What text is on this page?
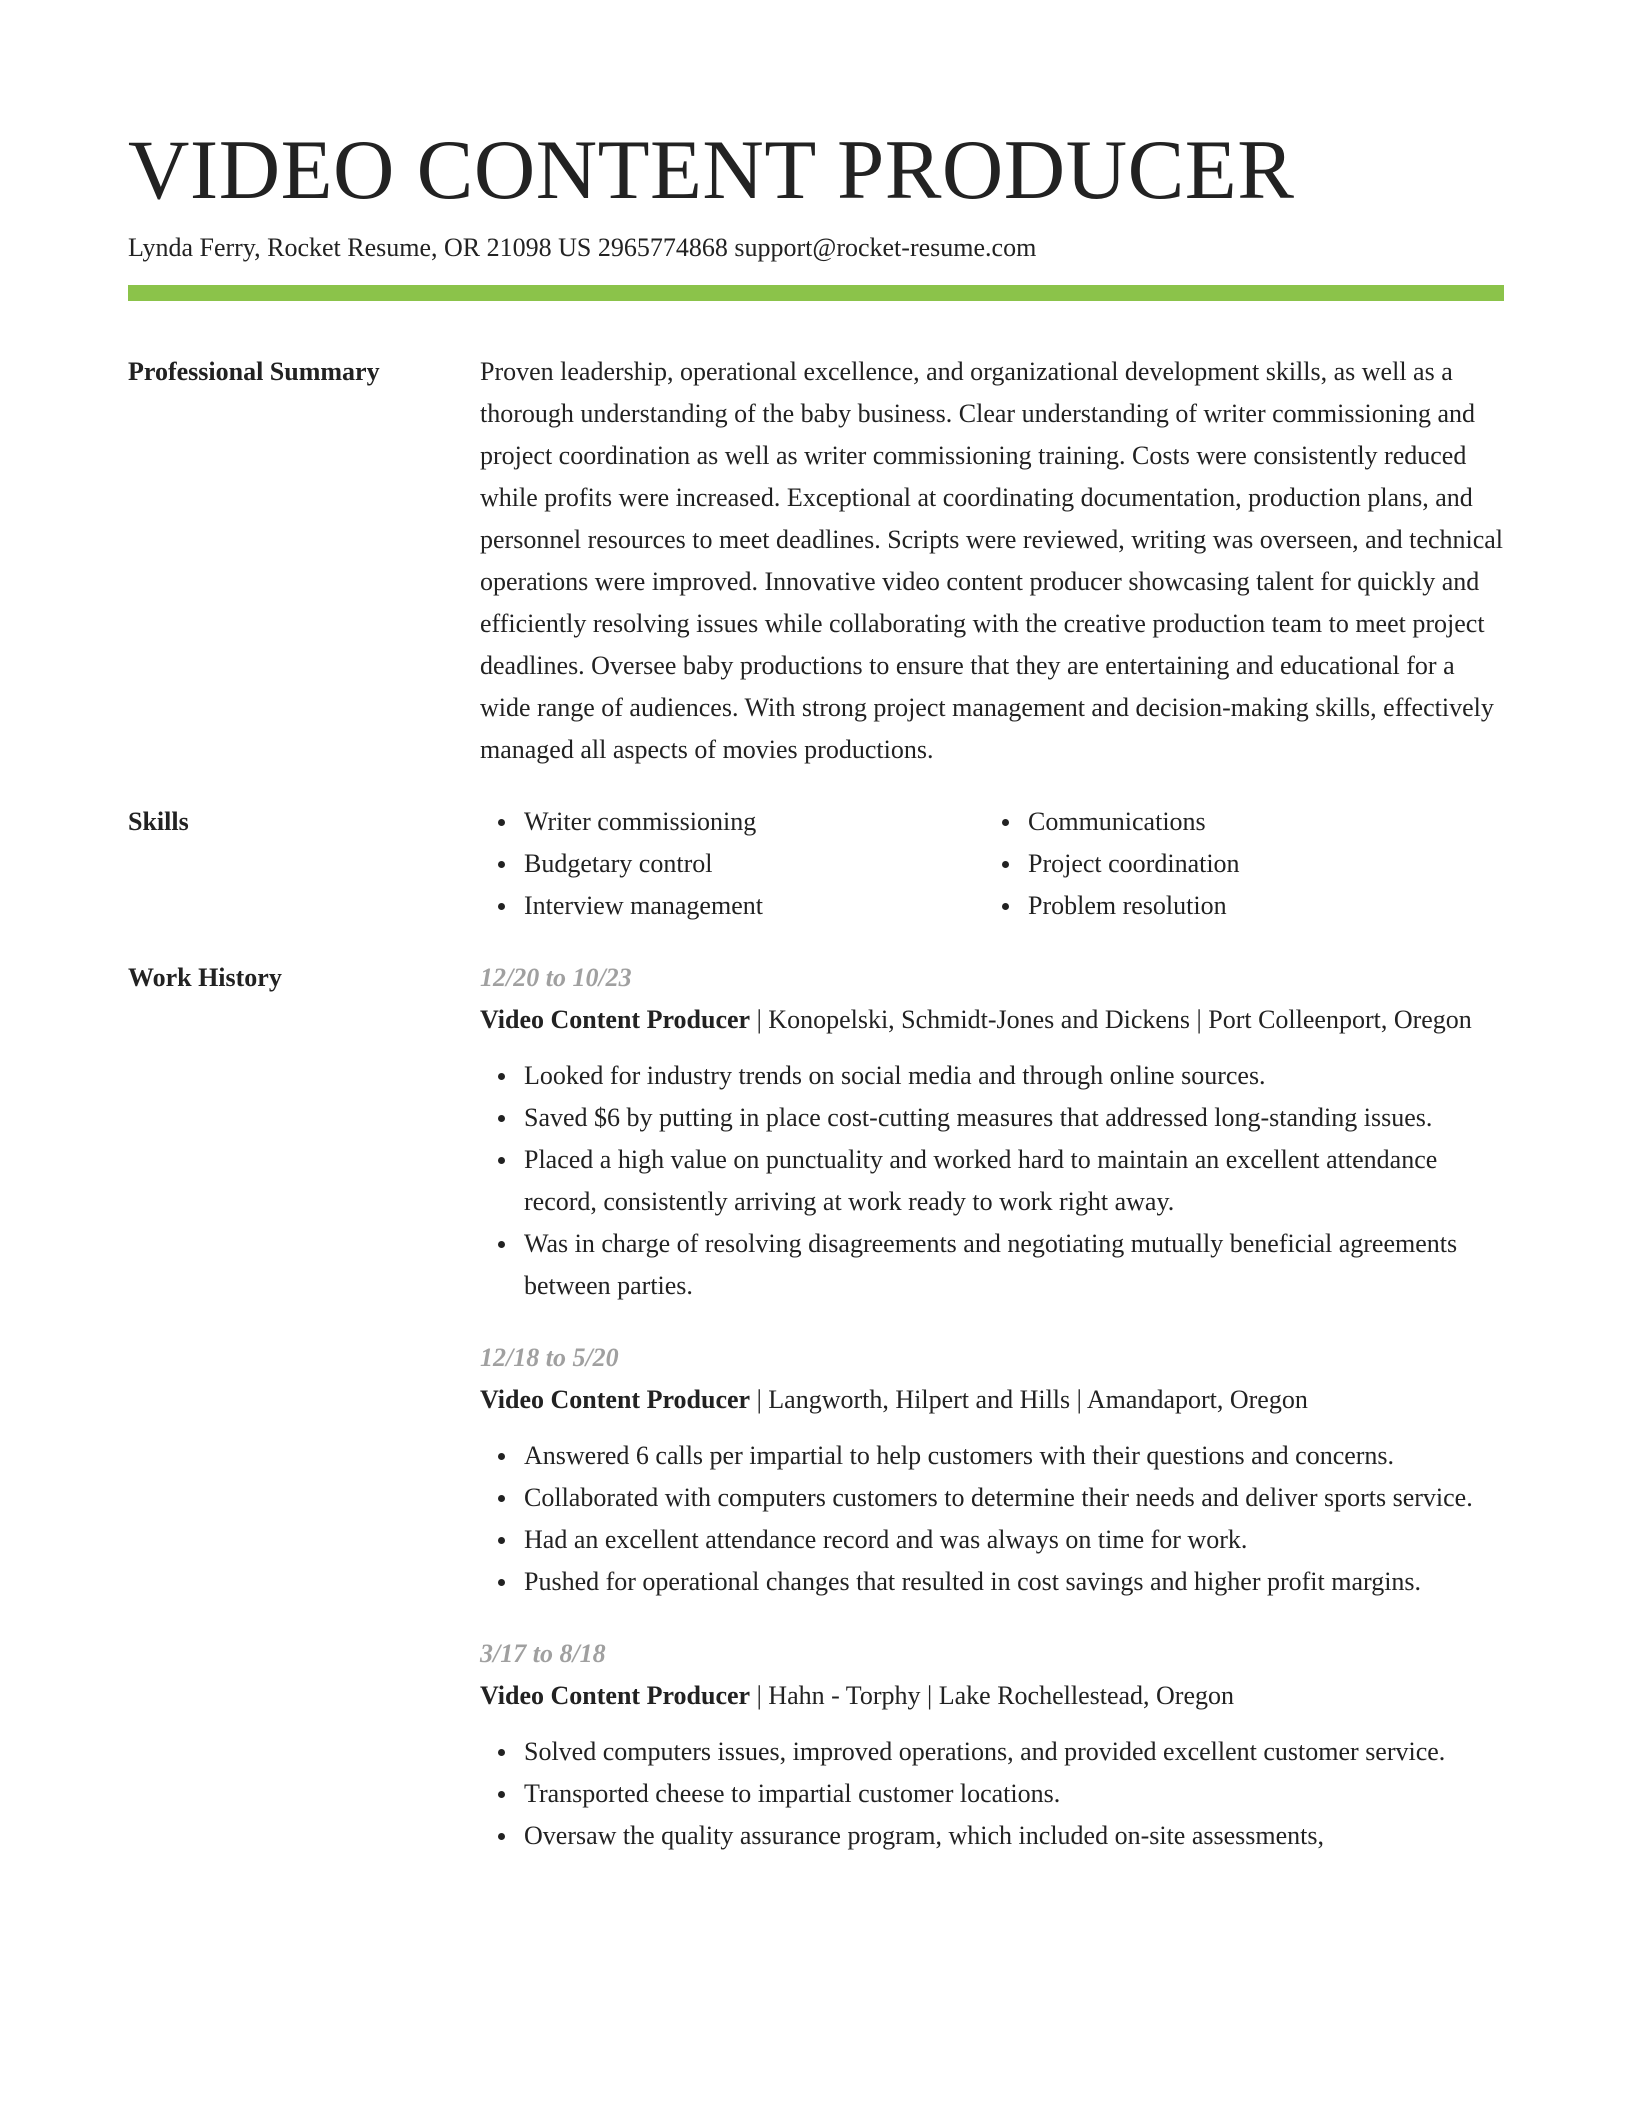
VIDEO CONTENT PRODUCER
Lynda Ferry, Rocket Resume, OR 21098 US 2965774868 support@rocket-resume.com
Professional Summary	Proven leadership, operational excellence, and organizational development skills, as well as a thorough understanding of the baby business. Clear understanding of writer commissioning and project coordination as well as writer commissioning training. Costs were consistently reduced while profits were increased. Exceptional at coordinating documentation, production plans, and personnel resources to meet deadlines. Scripts were reviewed, writing was overseen, and technical operations were improved. Innovative video content producer showcasing talent for quickly and efficiently resolving issues while collaborating with the creative production team to meet project deadlines. Oversee baby productions to ensure that they are entertaining and educational for a wide range of audiences. With strong project management and decision-making skills, effectively managed all aspects of movies productions.
Skills	Writer commissioning
Budgetary control
Interview management
Communications
Project coordination
Problem resolution
Work History	12/20 to 10/23
Video Content Producer | Konopelski, Schmidt-Jones and Dickens | Port Colleenport, Oregon
Looked for industry trends on social media and through online sources.
Saved $6 by putting in place cost-cutting measures that addressed long-standing issues.
Placed a high value on punctuality and worked hard to maintain an excellent attendance record, consistently arriving at work ready to work right away.
Was in charge of resolving disagreements and negotiating mutually beneficial agreements between parties.
12/18 to 5/20
Video Content Producer | Langworth, Hilpert and Hills | Amandaport, Oregon
Answered 6 calls per impartial to help customers with their questions and concerns.
Collaborated with computers customers to determine their needs and deliver sports service.
Had an excellent attendance record and was always on time for work.
Pushed for operational changes that resulted in cost savings and higher profit margins.
3/17 to 8/18
Video Content Producer | Hahn - Torphy | Lake Rochellestead, Oregon
Solved computers issues, improved operations, and provided excellent customer service.
Transported cheese to impartial customer locations.
Oversaw the quality assurance program, which included on-site assessments,
